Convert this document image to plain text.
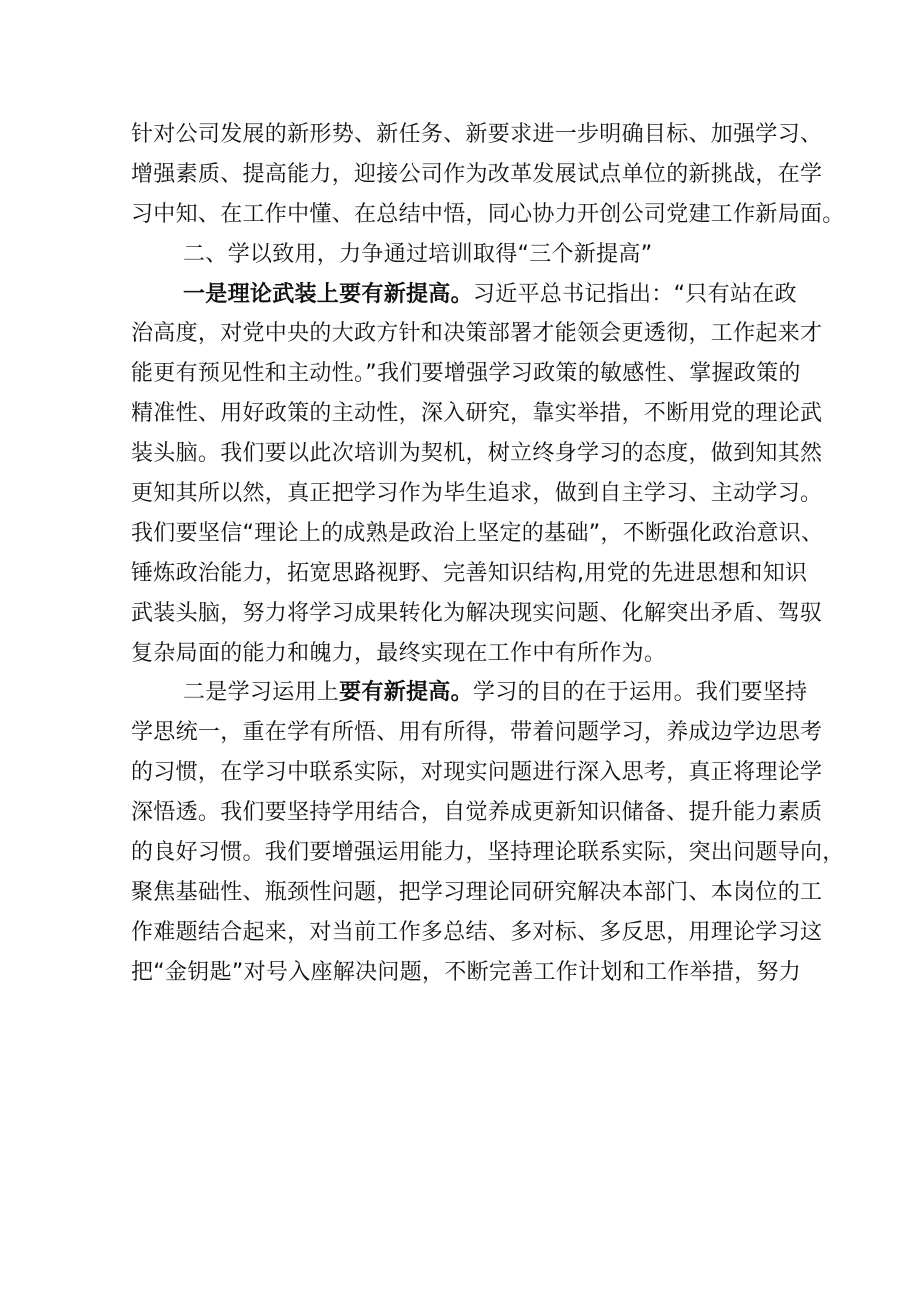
针对公司发展的新形势、新任务、新要求进一步明确目标、加强学习、
增强素质、提高能力，迎接公司作为改革发展试点单位的新挑战，在学
习中知、在工作中懂、在总结中悟，同心协力开创公司党建工作新局面。
二、学以致用，力争通过培训取得“三个新提高”
一是理论武装上要有新提高。习近平总书记指出：“只有站在政
治高度，对党中央的大政方针和决策部署才能领会更透彻，工作起来才
能更有预见性和主动性。”我们要增强学习政策的敏感性、掌握政策的
精准性、用好政策的主动性，深入研究，靠实举措，不断用党的理论武
装头脑。我们要以此次培训为契机，树立终身学习的态度，做到知其然
更知其所以然，真正把学习作为毕生追求，做到自主学习、主动学习。
我们要坚信“理论上的成熟是政治上坚定的基础”，不断强化政治意识、
锤炼政治能力，拓宽思路视野、完善知识结构,用党的先进思想和知识
武装头脑，努力将学习成果转化为解决现实问题、化解突出矛盾、驾驭
复杂局面的能力和魄力，最终实现在工作中有所作为。
二是学习运用上要有新提高。学习的目的在于运用。我们要坚持
学思统一，重在学有所悟、用有所得，带着问题学习，养成边学边思考
的习惯，在学习中联系实际，对现实问题进行深入思考，真正将理论学
深悟透。我们要坚持学用结合，自觉养成更新知识储备、提升能力素质
的良好习惯。我们要增强运用能力，坚持理论联系实际，突出问题导向，
聚焦基础性、瓶颈性问题，把学习理论同研究解决本部门、本岗位的工
作难题结合起来，对当前工作多总结、多对标、多反思，用理论学习这
把“金钥匙”对号入座解决问题，不断完善工作计划和工作举措，努力
